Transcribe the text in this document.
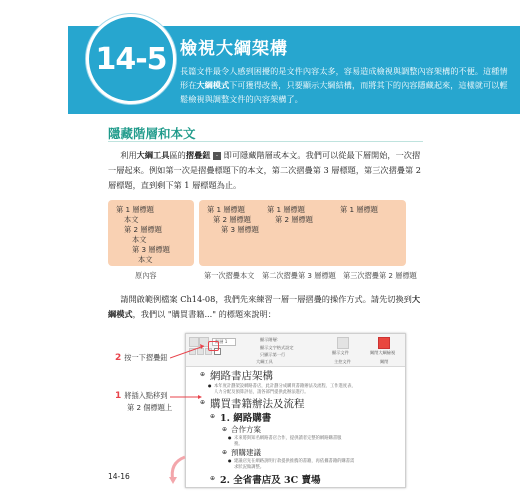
14-5 檢視大綱架構
長篇文件最令人感到困擾的是文件內容太多，容易造成檢視與調整內容架構的不便。這種情形在大綱模式下可獲得改善，只要顯示大綱結構，而將其下的內容隱藏起來，這樣就可以輕鬆檢視與調整文件的內容架構了。
隱藏階層和本文
  利用大綱工具區的摺疊鈕 - 即可隱藏階層或本文。我們可以從最下層開始，一次摺一層起來。例如第一次是摺疊標題下的本文，第二次摺疊第 3 層標題，第三次摺疊第 2 層標題，直到剩下第 1 層標題為止。
第 1 層標題
本文
第 2 層標題
本文
第 3 層標題
本文
第 1 層標題
第 2 層標題
第 3 層標題
第 1 層標題
第 2 層標題
第 1 層標題
原內容	第一次摺疊本文 第二次摺疊第 3 層標題 第三次摺疊第 2 層標題
  請開啟範例檔案 Ch14-08，我們先來練習一層一層摺疊的操作方式。請先切換到大綱模式，我們以 "購買書籍..." 的標題來說明：
階層 1	顯示階層：
顯示文字格式設定
只顯示第一行
大綱工具
顯示文件
主控文件
關閉大綱檢視
關閉
⊕ 網路書店架構
● 本年度計劃架設網路書店，此計劃分成購買書籍辦法及流程、工作進度表、
人力分配及預算評估，請各部門提供此辦法進行。
⊕ 購買書籍辦法及流程
⊕ 1. 網路購書
⊕ 合作方案
● 未來將與知名網路書店合作，提供讀者完整的網路購書服
務。
⊕ 預購建議
● 建議店先在網路說明行款提供推薦的書籍，再依據書籍的購書需
求狀況做調整。
⊕ 2. 全省書店及 3C 賣場
2 按一下摺疊鈕
1 將插入點移到
第 2 個標題上
14-16
